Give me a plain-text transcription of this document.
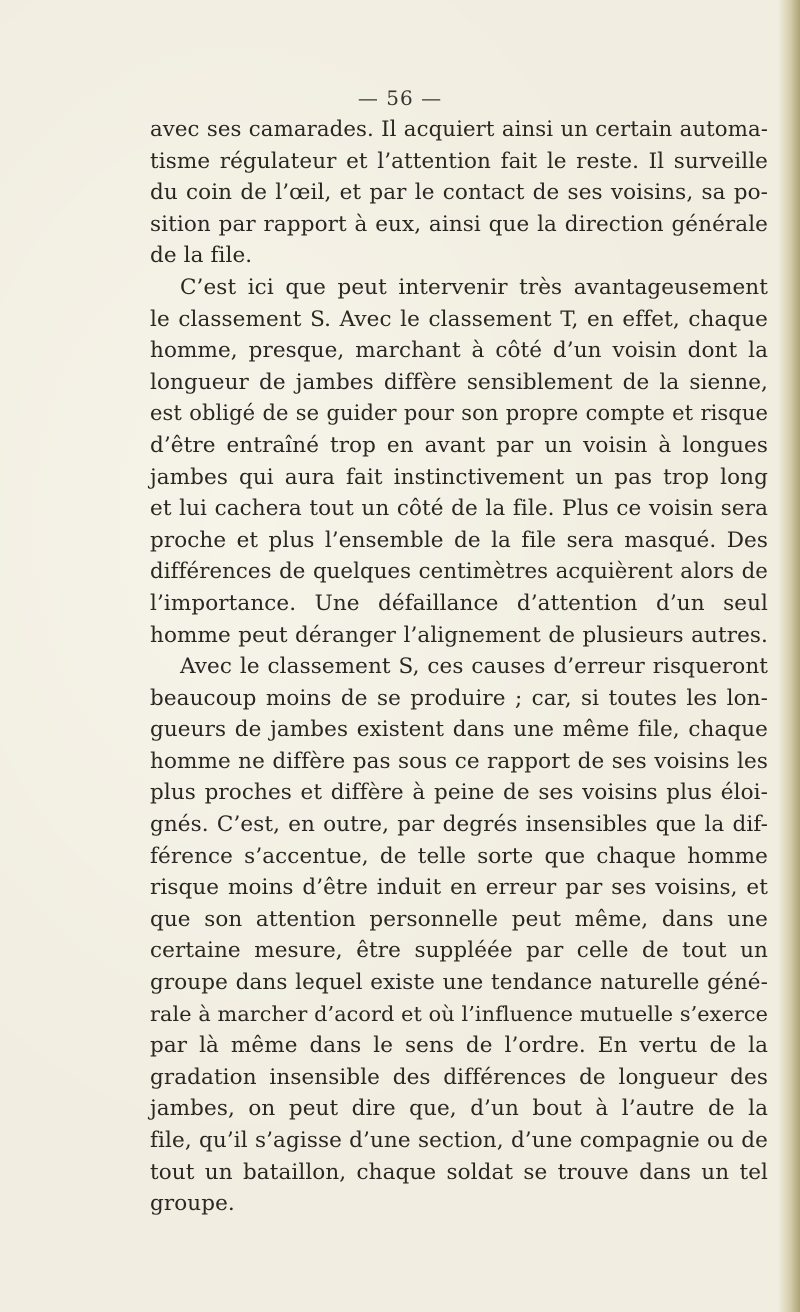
— 56 —
avec ses camarades. Il acquiert ainsi un certain automa-
tisme régulateur et l’attention fait le reste. Il surveille
du coin de l’œil, et par le contact de ses voisins, sa po-
sition par rapport à eux, ainsi que la direction générale
de la file.
C’est ici que peut intervenir très avantageusement
le classement S. Avec le classement T, en effet, chaque
homme, presque, marchant à côté d’un voisin dont la
longueur de jambes diffère sensiblement de la sienne,
est obligé de se guider pour son propre compte et risque
d’être entraîné trop en avant par un voisin à longues
jambes qui aura fait instinctivement un pas trop long
et lui cachera tout un côté de la file. Plus ce voisin sera
proche et plus l’ensemble de la file sera masqué. Des
différences de quelques centimètres acquièrent alors de
l’importance. Une défaillance d’attention d’un seul
homme peut déranger l’alignement de plusieurs autres.
Avec le classement S, ces causes d’erreur risqueront
beaucoup moins de se produire ; car, si toutes les lon-
gueurs de jambes existent dans une même file, chaque
homme ne diffère pas sous ce rapport de ses voisins les
plus proches et diffère à peine de ses voisins plus éloi-
gnés. C’est, en outre, par degrés insensibles que la dif-
férence s’accentue, de telle sorte que chaque homme
risque moins d’être induit en erreur par ses voisins, et
que son attention personnelle peut même, dans une
certaine mesure, être suppléée par celle de tout un
groupe dans lequel existe une tendance naturelle géné-
rale à marcher d’acord et où l’influence mutuelle s’exerce
par là même dans le sens de l’ordre. En vertu de la
gradation insensible des différences de longueur des
jambes, on peut dire que, d’un bout à l’autre de la
file, qu’il s’agisse d’une section, d’une compagnie ou de
tout un bataillon, chaque soldat se trouve dans un tel
groupe.
